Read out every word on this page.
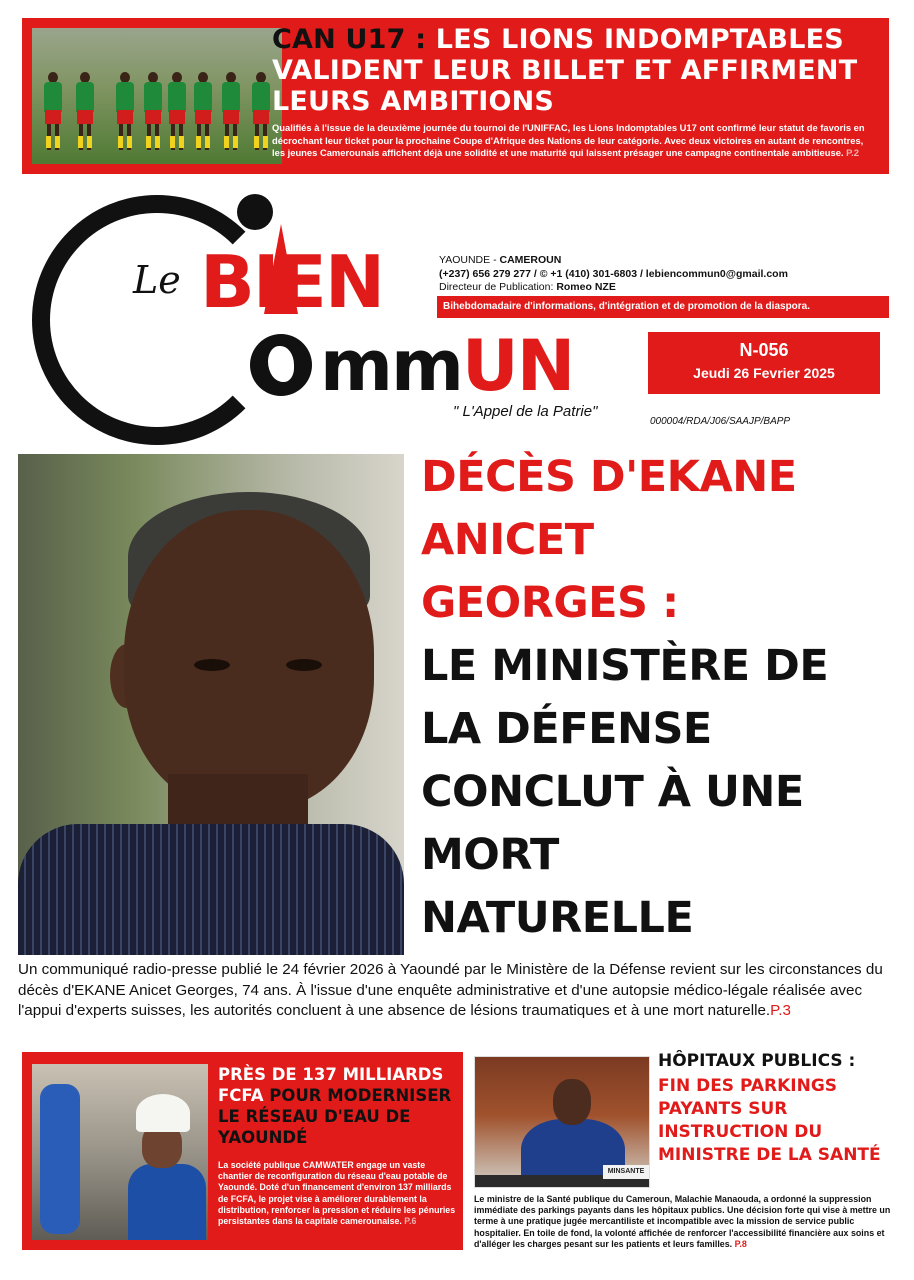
CAN U17 : LES LIONS INDOMPTABLES VALIDENT LEUR BILLET ET AFFIRMENT LEURS AMBITIONS
Qualifiés à l'issue de la deuxième journée du tournoi de l'UNIFFAC, les Lions Indomptables U17 ont confirmé leur statut de favoris en décrochant leur ticket pour la prochaine Coupe d'Afrique des Nations de leur catégorie. Avec deux victoires en autant de rencontres, les jeunes Camerounais affichent déjà une solidité et une maturité qui laissent présager une campagne continentale ambitieuse. P.2
Le BIEN
mmUN
" L'Appel de la Patrie"
YAOUNDE - CAMEROUN
(+237) 656 279 277 / © +1 (410) 301-6803 / lebiencommun0@gmail.com
Directeur de Publication: Romeo NZE
Bihebdomadaire d'informations, d'intégration et de promotion de la diaspora.
N-056
Jeudi 26 Fevrier 2025
000004/RDA/J06/SAAJP/BAPP
DÉCÈS D'EKANE
ANICET
GEORGES :
LE MINISTÈRE DE
LA DÉFENSE
CONCLUT À UNE
MORT
NATURELLE
Un communiqué radio-presse publié le 24 février 2026 à Yaoundé par le Ministère de la Défense revient sur les circonstances du décès d'EKANE Anicet Georges, 74 ans. À l'issue d'une enquête administrative et d'une autopsie médico-légale réalisée avec l'appui d'experts suisses, les autorités concluent à une absence de lésions traumatiques et à une mort naturelle.P.3
PRÈS DE 137 MILLIARDS FCFA POUR MODERNISER LE RÉSEAU D'EAU DE YAOUNDÉ
La société publique CAMWATER engage un vaste chantier de reconfiguration du réseau d'eau potable de Yaoundé. Doté d'un financement d'environ 137 milliards de FCFA, le projet vise à améliorer durablement la distribution, renforcer la pression et réduire les pénuries persistantes dans la capitale camerounaise. P.6
MINSANTE
HÔPITAUX PUBLICS :
FIN DES PARKINGS PAYANTS SUR INSTRUCTION DU MINISTRE DE LA SANTÉ
Le ministre de la Santé publique du Cameroun, Malachie Manaouda, a ordonné la suppression immédiate des parkings payants dans les hôpitaux publics. Une décision forte qui vise à mettre un terme à une pratique jugée mercantiliste et incompatible avec la mission de service public hospitalier. En toile de fond, la volonté affichée de renforcer l'accessibilité financière aux soins et d'alléger les charges pesant sur les patients et leurs familles. P.8
